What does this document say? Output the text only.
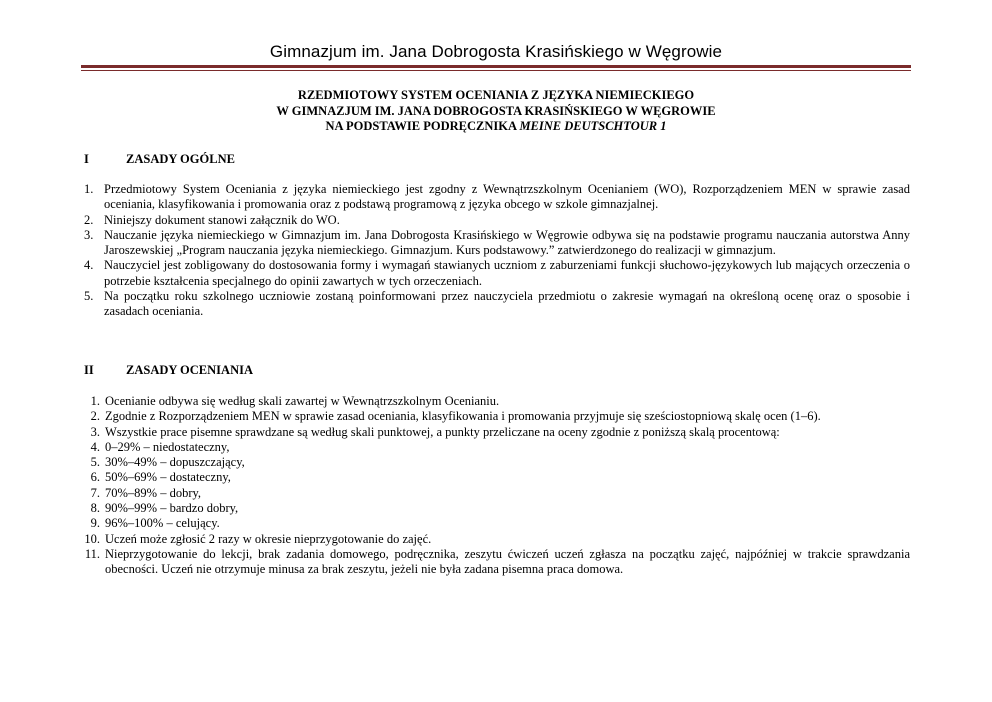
Gimnazjum im. Jana Dobrogosta Krasińskiego w Węgrowie
RZEDMIOTOWY SYSTEM OCENIANIA Z JĘZYKA NIEMIECKIEGO
W GIMNAZJUM IM. JANA DOBROGOSTA KRASIŃSKIEGO W WĘGROWIE
NA PODSTAWIE PODRĘCZNIKA MEINE DEUTSCHTOUR 1
I	ZASADY OGÓLNE
1. Przedmiotowy System Oceniania z języka niemieckiego jest zgodny z Wewnątrzszkolnym Ocenianiem (WO), Rozporządzeniem MEN w sprawie zasad oceniania, klasyfikowania i promowania oraz z podstawą programową z języka obcego w szkole gimnazjalnej.
2. Niniejszy dokument stanowi załącznik do WO.
3. Nauczanie języka niemieckiego w Gimnazjum im. Jana Dobrogosta Krasińskiego w Węgrowie odbywa się na podstawie programu nauczania autorstwa Anny Jaroszewskiej „Program nauczania języka niemieckiego. Gimnazjum. Kurs podstawowy.” zatwierdzonego do realizacji w gimnazjum.
4. Nauczyciel jest zobligowany do dostosowania formy i wymagań stawianych uczniom z zaburzeniami funkcji słuchowo-językowych lub mających orzeczenia o potrzebie kształcenia specjalnego do opinii zawartych w tych orzeczeniach.
5. Na początku roku szkolnego uczniowie zostaną poinformowani przez nauczyciela przedmiotu o zakresie wymagań na określoną ocenę oraz o sposobie i zasadach oceniania.
II	ZASADY OCENIANIA
1. Ocenianie odbywa się według skali zawartej w Wewnątrzszkolnym Ocenianiu.
2. Zgodnie z Rozporządzeniem MEN w sprawie zasad oceniania, klasyfikowania i promowania przyjmuje się sześciostopniową skalę ocen (1–6).
3. Wszystkie prace pisemne sprawdzane są według skali punktowej, a punkty przeliczane na oceny zgodnie z poniższą skalą procentową:
4. 0–29% – niedostateczny,
5. 30%–49% – dopuszczający,
6. 50%–69% – dostateczny,
7. 70%–89% – dobry,
8. 90%–99% – bardzo dobry,
9. 96%–100% – celujący.
10. Uczeń może zgłosić 2 razy w okresie nieprzygotowanie do zajęć.
11. Nieprzygotowanie do lekcji, brak zadania domowego, podręcznika, zeszytu ćwiczeń uczeń zgłasza na początku zajęć, najpóźniej w trakcie sprawdzania obecności. Uczeń nie otrzymuje minusa za brak zeszytu, jeżeli nie była zadana pisemna praca domowa.
